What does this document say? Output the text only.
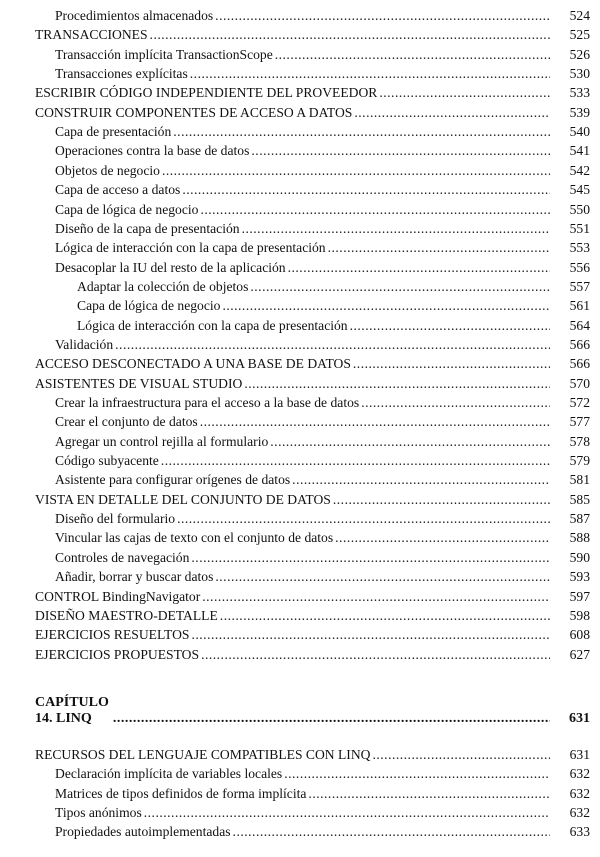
Procedimientos almacenados .....	524
TRANSACCIONES .....	525
Transacción implícita TransactionScope .....	526
Transacciones explícitas .....	530
ESCRIBIR CÓDIGO INDEPENDIENTE DEL PROVEEDOR .....	533
CONSTRUIR COMPONENTES DE ACCESO A DATOS .....	539
Capa de presentación .....	540
Operaciones contra la base de datos .....	541
Objetos de negocio .....	542
Capa de acceso a datos .....	545
Capa de lógica de negocio .....	550
Diseño de la capa de presentación .....	551
Lógica de interacción con la capa de presentación .....	553
Desacoplar la IU del resto de la aplicación .....	556
Adaptar la colección de objetos .....	557
Capa de lógica de negocio .....	561
Lógica de interacción con la capa de presentación .....	564
Validación .....	566
ACCESO DESCONECTADO A UNA BASE DE DATOS .....	566
ASISTENTES DE VISUAL STUDIO .....	570
Crear la infraestructura para el acceso a la base de datos .....	572
Crear el conjunto de datos .....	577
Agregar un control rejilla al formulario .....	578
Código subyacente .....	579
Asistente para configurar orígenes de datos .....	581
VISTA EN DETALLE DEL CONJUNTO DE DATOS .....	585
Diseño del formulario .....	587
Vincular las cajas de texto con el conjunto de datos .....	588
Controles de navegación .....	590
Añadir, borrar y buscar datos .....	593
CONTROL BindingNavigator .....	597
DISEÑO MAESTRO-DETALLE .....	598
EJERCICIOS RESUELTOS .....	608
EJERCICIOS PROPUESTOS .....	627
CAPÍTULO 14. LINQ .....	631
RECURSOS DEL LENGUAJE COMPATIBLES CON LINQ .....	631
Declaración implícita de variables locales .....	632
Matrices de tipos definidos de forma implícita .....	632
Tipos anónimos .....	632
Propiedades autoimplementadas .....	633
